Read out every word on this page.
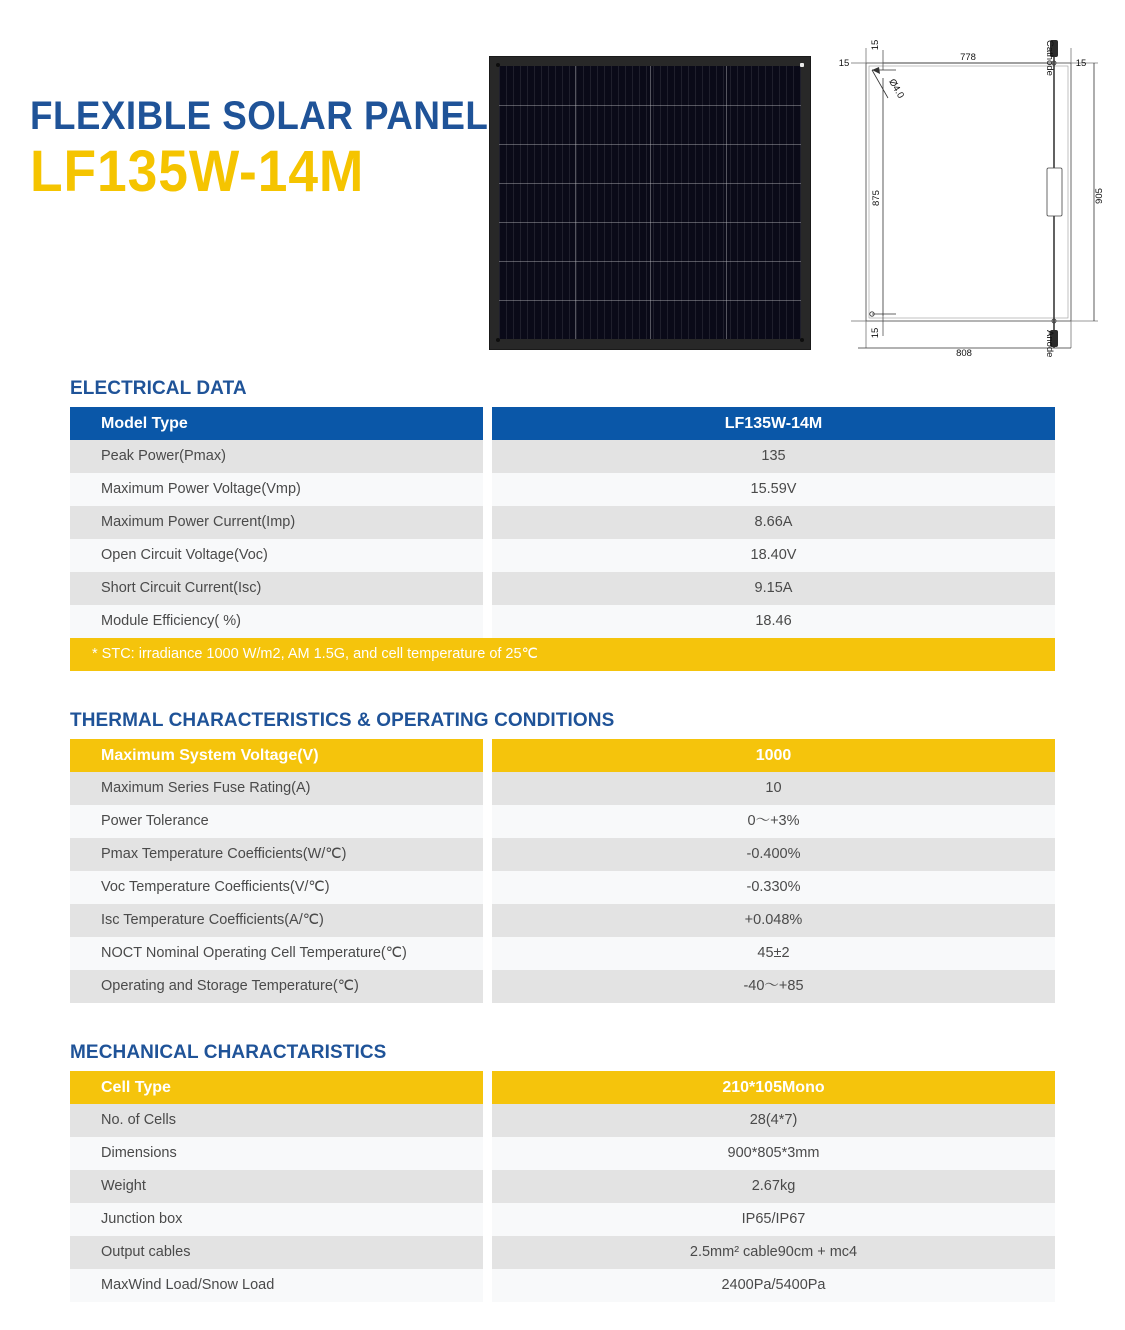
FLEXIBLE SOLAR PANEL
LF135W-14M
778
808
875	905
15
15	15
15
Ø4.0
Cathode
Anode
ELECTRICAL DATA
Model Type		LF135W-14M
Peak Power(Pmax)		135
Maximum Power Voltage(Vmp)		15.59V
Maximum Power Current(Imp)		8.66A
Open Circuit Voltage(Voc)		18.40V
Short Circuit Current(Isc)		9.15A
Module Efficiency( %)		18.46
* STC: irradiance 1000 W/m2, AM 1.5G, and cell temperature of 25℃
THERMAL CHARACTERISTICS & OPERATING CONDITIONS
Maximum System Voltage(V)		1000
Maximum Series Fuse Rating(A)		10
Power Tolerance		0〜+3%
Pmax Temperature Coefficients(W/℃)		-0.400%
Voc Temperature Coefficients(V/℃)		-0.330%
Isc Temperature Coefficients(A/℃)		+0.048%
NOCT Nominal Operating Cell Temperature(℃)		45±2
Operating and Storage Temperature(℃)		-40〜+85
MECHANICAL CHARACTARISTICS
Cell Type		210*105Mono
No. of Cells		28(4*7)
Dimensions		900*805*3mm
Weight		2.67kg
Junction box		IP65/IP67
Output cables		2.5mm² cable90cm + mc4
MaxWind Load/Snow Load		2400Pa/5400Pa
